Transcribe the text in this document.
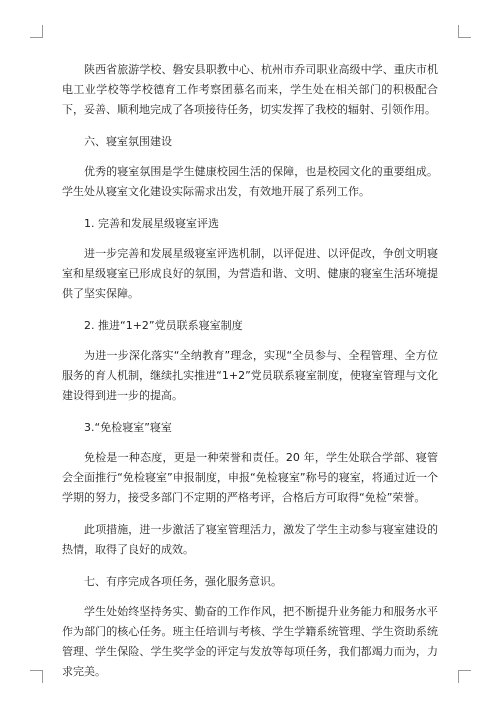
陕西省旅游学校、磐安县职教中心、杭州市乔司职业高级中学、重庆市机电工业学校等学校德育工作考察团慕名而来，学生处在相关部门的积极配合下，妥善、顺利地完成了各项接待任务，切实发挥了我校的辐射、引领作用。

六、寝室氛围建设

优秀的寝室氛围是学生健康校园生活的保障，也是校园文化的重要组成。学生处从寝室文化建设实际需求出发，有效地开展了系列工作。

1. 完善和发展星级寝室评选

进一步完善和发展星级寝室评选机制，以评促进、以评促改，争创文明寝室和星级寝室已形成良好的氛围，为营造和谐、文明、健康的寝室生活环境提供了坚实保障。

2. 推进“1+2”党员联系寝室制度

为进一步深化落实“全纳教育”理念，实现“全员参与、全程管理、全方位服务的育人机制，继续扎实推进“1+2”党员联系寝室制度，使寝室管理与文化建设得到进一步的提高。

3.“免检寝室”寝室

免检是一种态度，更是一种荣誉和责任。20 年，学生处联合学部、寝管会全面推行“免检寝室”申报制度，申报“免检寝室”称号的寝室，将通过近一个学期的努力，接受多部门不定期的严格考评，合格后方可取得“免检”荣誉。

此项措施，进一步激活了寝室管理活力，激发了学生主动参与寝室建设的热情，取得了良好的成效。

七、有序完成各项任务，强化服务意识。

学生处始终坚持务实、勤奋的工作作风，把不断提升业务能力和服务水平作为部门的核心任务。班主任培训与考核、学生学籍系统管理、学生资助系统管理、学生保险、学生奖学金的评定与发放等每项任务，我们都竭力而为，力求完美。
